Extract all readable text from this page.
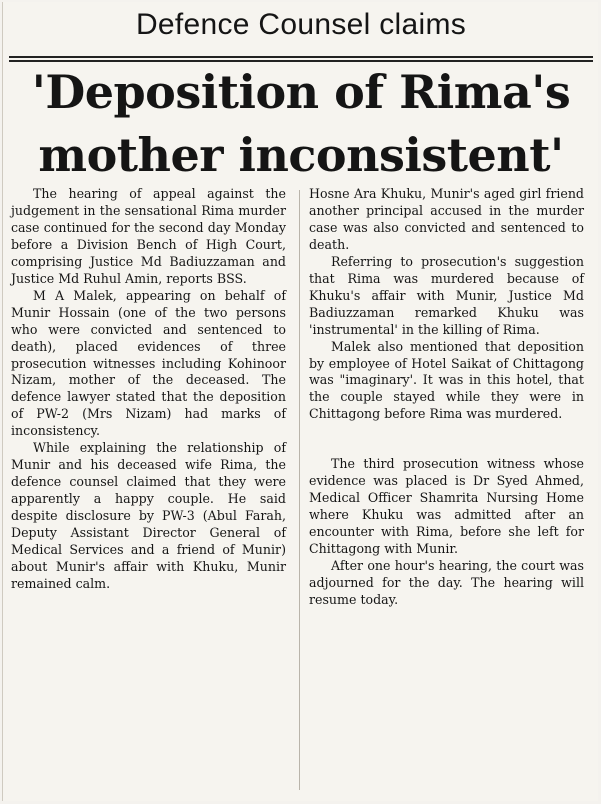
Defence Counsel claims
'Deposition of Rima's
mother inconsistent'

The hearing of appeal against the judgement in the sensational Rima murder case continued for the second day Monday before a Division Bench of High Court, comprising Justice Md Badiuzzaman and Justice Md Ruhul Amin, reports BSS.

M A Malek, appearing on behalf of Munir Hossain (one of the two persons who were convicted and sentenced to death), placed evidences of three prosecution witnesses including Kohinoor Nizam, mother of the deceased. The defence lawyer stated that the deposition of PW-2 (Mrs Nizam) had marks of inconsistency.

While explaining the relationship of Munir and his deceased wife Rima, the defence counsel claimed that they were apparently a happy couple. He said despite disclosure by PW-3 (Abul Farah, Deputy Assistant Director General of Medical Services and a friend of Munir) about Munir's affair with Khuku, Munir remained calm.

Hosne Ara Khuku, Munir's aged girl friend another principal accused in the murder case was also convicted and sentenced to death.

Referring to prosecution's suggestion that Rima was murdered because of Khuku's affair with Munir, Justice Md Badiuzzaman remarked Khuku was 'instrumental' in the killing of Rima.

Malek also mentioned that deposition by employee of Hotel Saikat of Chittagong was "imaginary'. It was in this hotel, that the couple stayed while they were in Chittagong before Rima was murdered.

The third prosecution witness whose evidence was placed is Dr Syed Ahmed, Medical Officer Shamrita Nursing Home where Khuku was admitted after an encounter with Rima, before she left for Chittagong with Munir.

After one hour's hearing, the court was adjourned for the day. The hearing will resume today.
